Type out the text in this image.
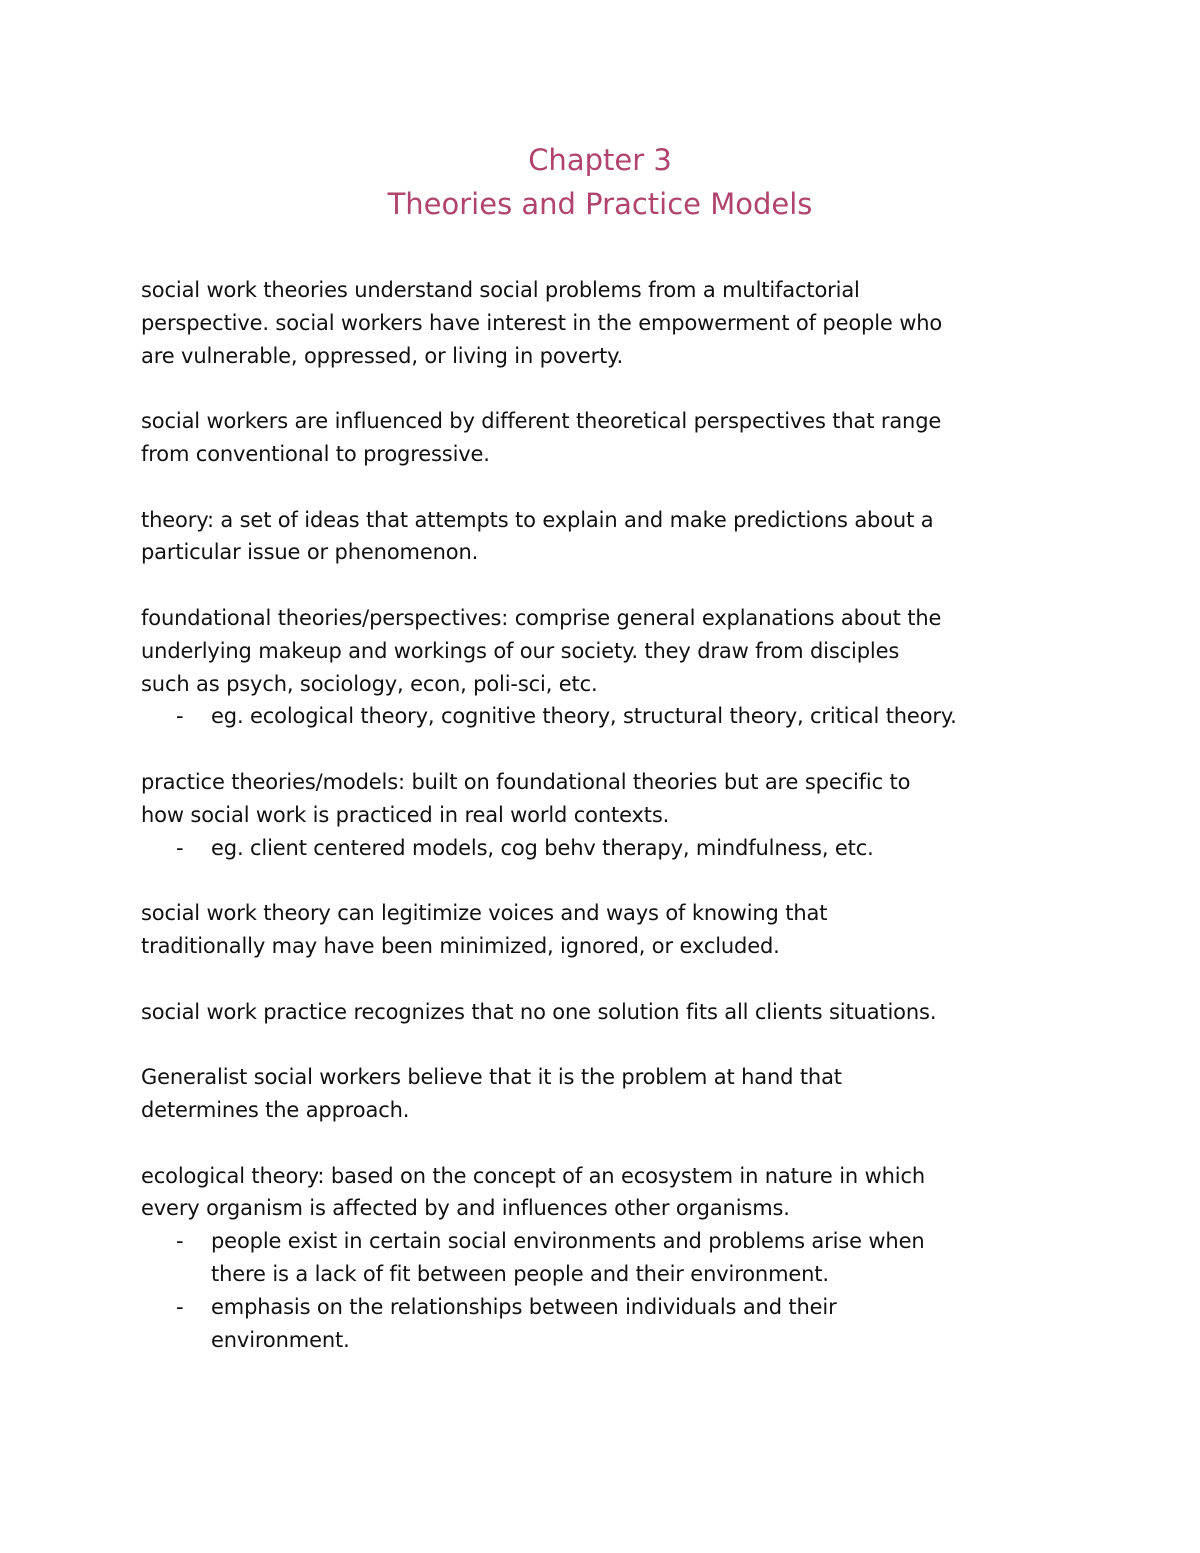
Chapter 3
Theories and Practice Models

social work theories understand social problems from a multifactorial

perspective. social workers have interest in the empowerment of people who

are vulnerable, oppressed, or living in poverty.

social workers are influenced by different theoretical perspectives that range

from conventional to progressive.

theory: a set of ideas that attempts to explain and make predictions about a

particular issue or phenomenon.

foundational theories/perspectives: comprise general explanations about the

underlying makeup and workings of our society. they draw from disciples

such as psych, sociology, econ, poli-sci, etc.

- eg. ecological theory, cognitive theory, structural theory, critical theory.

practice theories/models: built on foundational theories but are specific to

how social work is practiced in real world contexts.

- eg. client centered models, cog behv therapy, mindfulness, etc.

social work theory can legitimize voices and ways of knowing that

traditionally may have been minimized, ignored, or excluded.

social work practice recognizes that no one solution fits all clients situations.

Generalist social workers believe that it is the problem at hand that

determines the approach.

ecological theory: based on the concept of an ecosystem in nature in which

every organism is affected by and influences other organisms.

- people exist in certain social environments and problems arise when
there is a lack of fit between people and their environment.
- emphasis on the relationships between individuals and their
environment.
